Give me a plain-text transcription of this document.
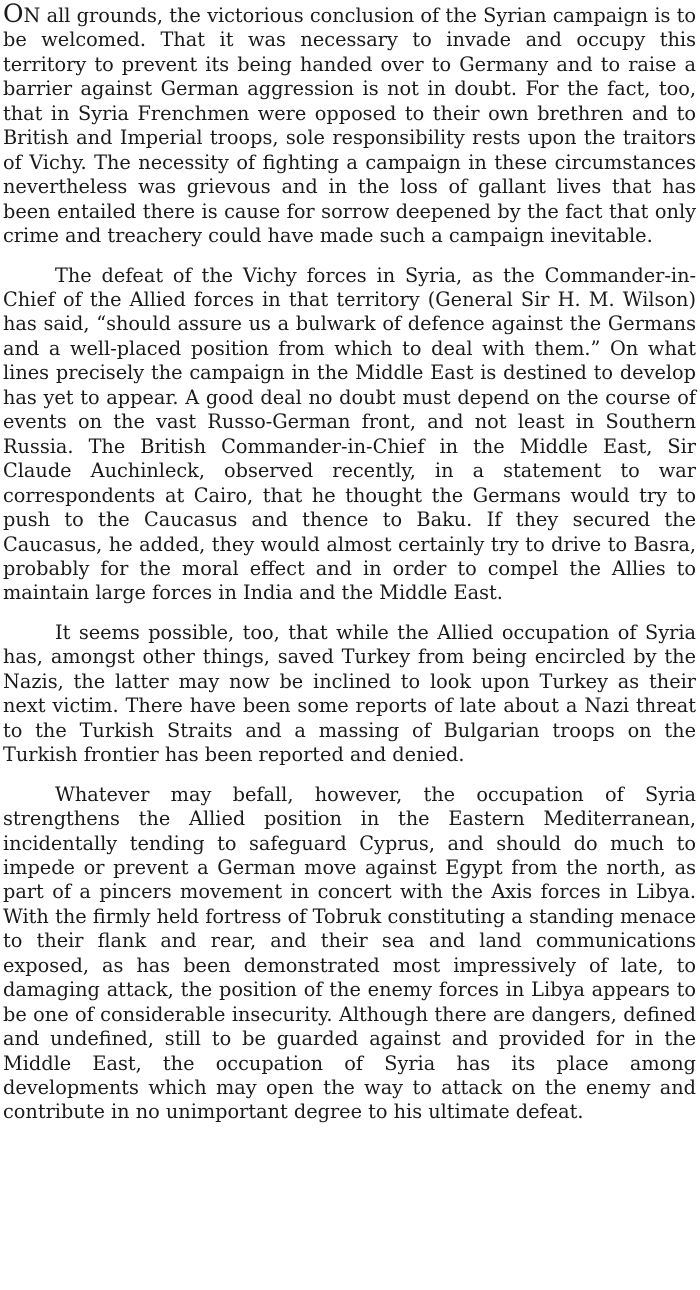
ON all grounds, the victorious conclusion of the Syrian campaign is to be welcomed. That it was necessary to invade and occupy this territory to prevent its being handed over to Germany and to raise a barrier against German aggression is not in doubt. For the fact, too, that in Syria Frenchmen were opposed to their own brethren and to British and Imperial troops, sole responsibility rests upon the traitors of Vichy. The necessity of fighting a campaign in these circumstances nevertheless was grievous and in the loss of gallant lives that has been entailed there is cause for sorrow deepened by the fact that only crime and treachery could have made such a campaign inevitable.

The defeat of the Vichy forces in Syria, as the Commander-in-Chief of the Allied forces in that territory (General Sir H. M. Wilson) has said, “should assure us a bulwark of defence against the Germans and a well-placed position from which to deal with them.” On what lines precisely the campaign in the Middle East is destined to develop has yet to appear. A good deal no doubt must depend on the course of events on the vast Russo-German front, and not least in Southern Russia. The British Commander-in-Chief in the Middle East, Sir Claude Auchinleck, observed recently, in a statement to war correspondents at Cairo, that he thought the Germans would try to push to the Caucasus and thence to Baku. If they secured the Caucasus, he added, they would almost certainly try to drive to Basra, probably for the moral effect and in order to compel the Allies to maintain large forces in India and the Middle East.

It seems possible, too, that while the Allied occupation of Syria has, amongst other things, saved Turkey from being encircled by the Nazis, the latter may now be inclined to look upon Turkey as their next victim. There have been some reports of late about a Nazi threat to the Turkish Straits and a massing of Bulgarian troops on the Turkish frontier has been reported and denied.

Whatever may befall, however, the occupation of Syria strengthens the Allied position in the Eastern Mediterranean, incidentally tending to safeguard Cyprus, and should do much to impede or prevent a German move against Egypt from the north, as part of a pincers movement in concert with the Axis forces in Libya. With the firmly held fortress of Tobruk constituting a standing menace to their flank and rear, and their sea and land communications exposed, as has been demonstrated most impressively of late, to damaging attack, the position of the enemy forces in Libya appears to be one of considerable insecurity. Although there are dangers, defined and undefined, still to be guarded against and provided for in the Middle East, the occupation of Syria has its place among developments which may open the way to attack on the enemy and contribute in no unimportant degree to his ultimate defeat.
